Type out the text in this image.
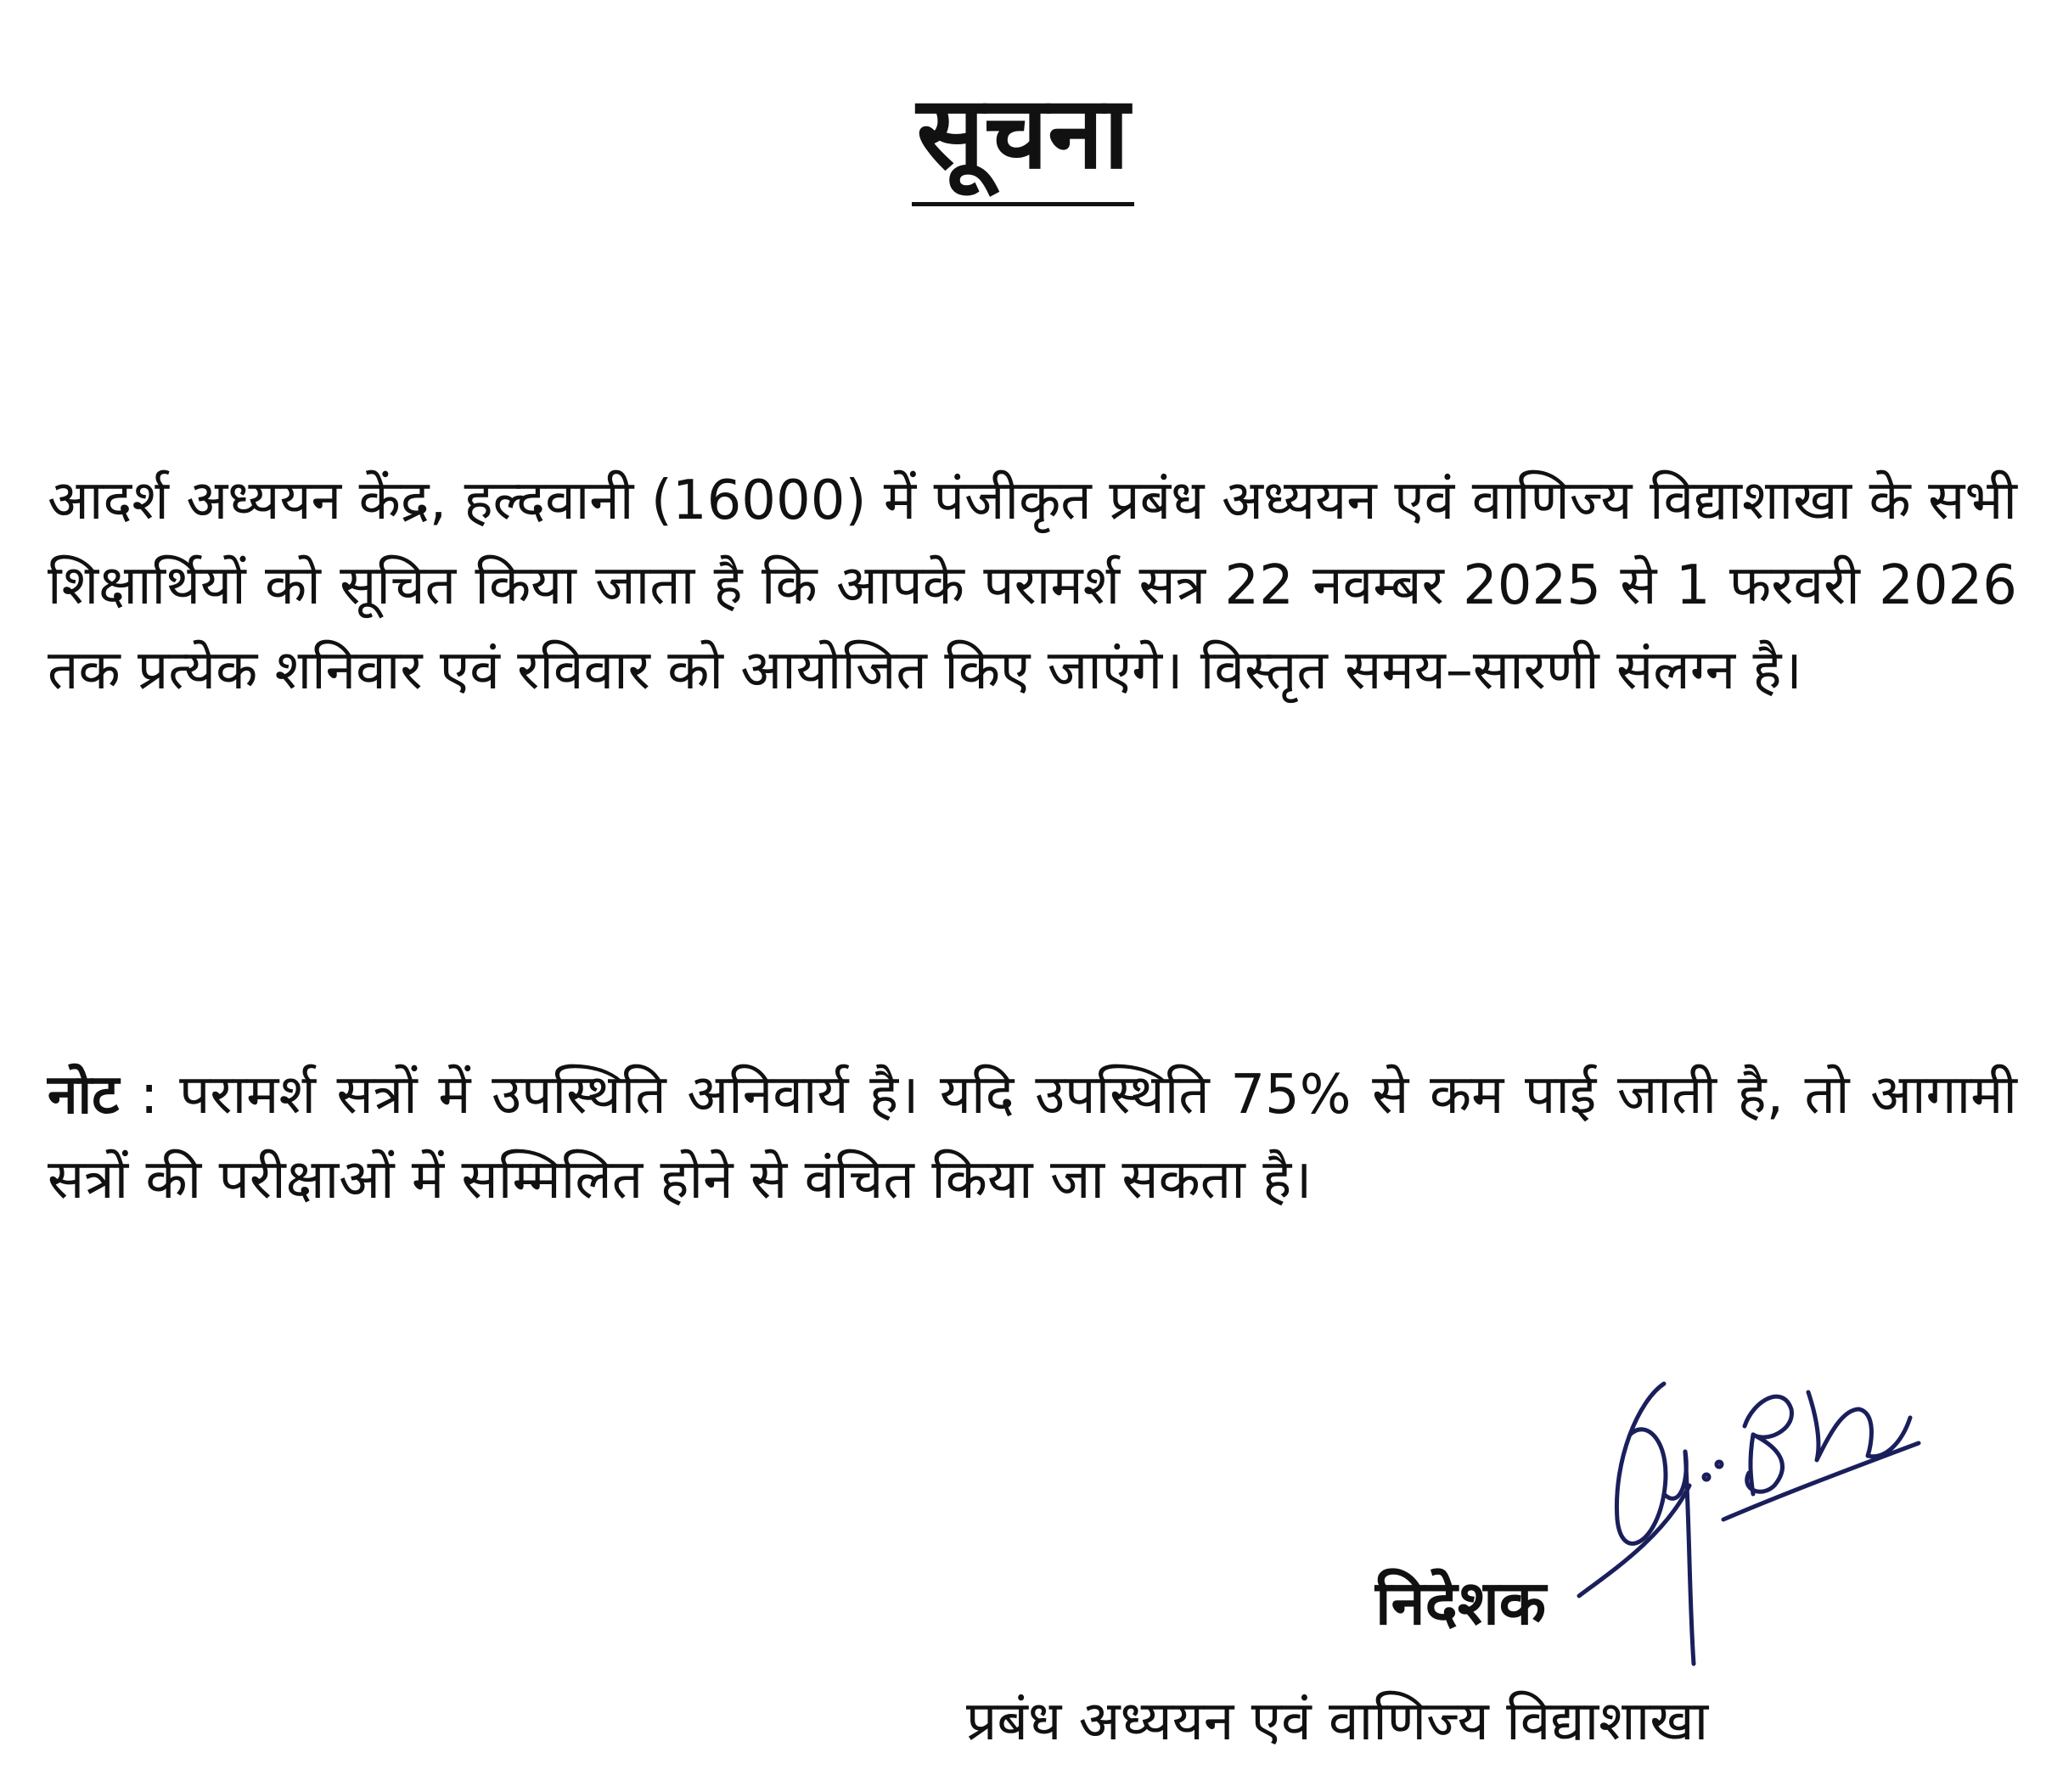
सूचना

आदर्श अध्ययन केंद्र, हल्दवानी (16000) में पंजीकृत प्रबंध अध्ययन एवं वाणिज्य विद्याशाखा के सभी शिक्षार्थियों को सूचित किया जाता है कि आपके परामर्श सत्र 22 नवम्बर 2025 से 1 फरवरी 2026 तक प्रत्येक शनिवार एवं रविवार को आयोजित किए जाएंगे। विस्तृत समय–सारणी संलग्न है।

नोट : परामर्श सत्रों में उपस्थिति अनिवार्य है। यदि उपस्थिति 75% से कम पाई जाती है, तो आगामी सत्रों की परीक्षाओं में सम्मिलित होने से वंचित किया जा सकता है।

निदेशक

प्रबंध अध्ययन एवं वाणिज्य विद्याशाखा
